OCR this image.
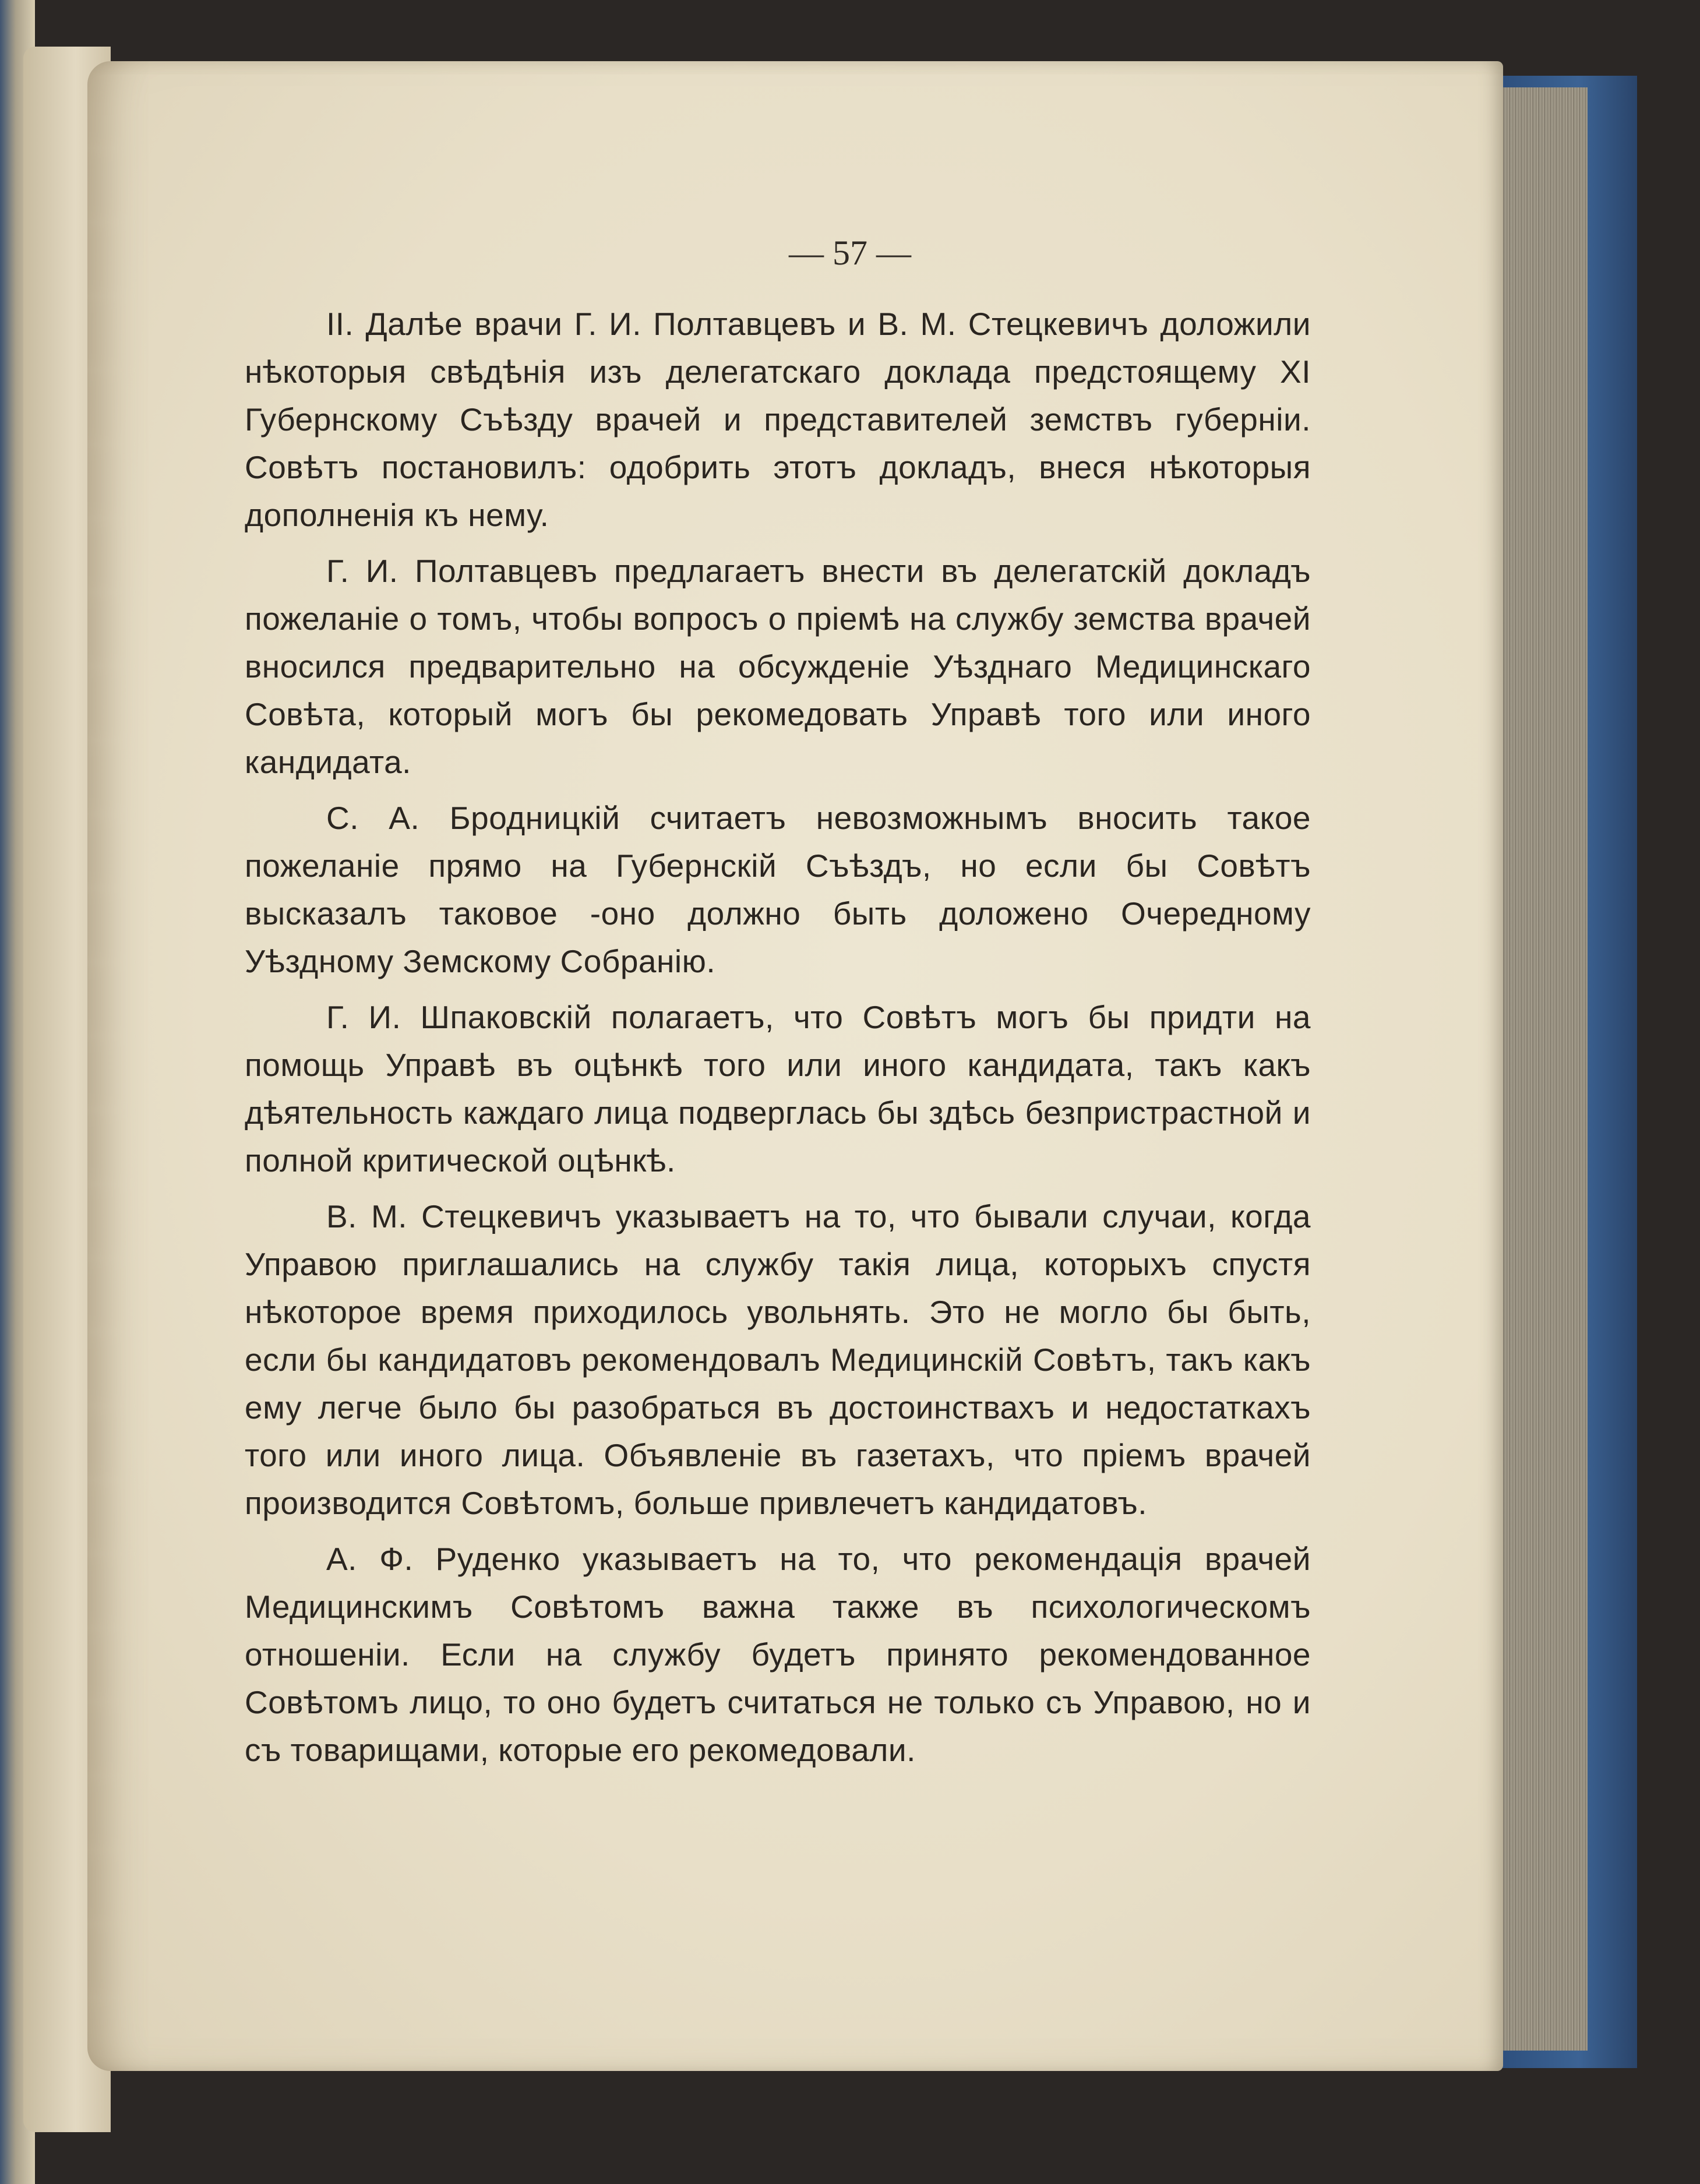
— 57 —

II. Далѣе врачи Г. И. Полтавцевъ и В. М. Стецкевичъ доложили нѣкоторыя свѣдѣнія изъ делегатскаго доклада предстоящему XI Губернскому Съѣзду врачей и представителей земствъ губерніи. Совѣтъ постановилъ: одобрить этотъ докладъ, внеся нѣкоторыя дополненія къ нему.

Г. И. Полтавцевъ предлагаетъ внести въ делегатскій докладъ пожеланіе о томъ, чтобы вопросъ о пріемѣ на службу земства врачей вносился предварительно на обсужденіе Уѣзднаго Медицинскаго Совѣта, который могъ бы рекомедовать Управѣ того или иного кандидата.

С. А. Бродницкій считаетъ невозможнымъ вносить такое пожеланіе прямо на Губернскій Съѣздъ, но если бы Совѣтъ высказалъ таковое -оно должно быть доложено Очередному Уѣздному Земскому Собранію.

Г. И. Шпаковскій полагаетъ, что Совѣтъ могъ бы придти на помощь Управѣ въ оцѣнкѣ того или иного кандидата, такъ какъ дѣятельность каждаго лица подверглась бы здѣсь безпристрастной и полной критической оцѣнкѣ.

В. М. Стецкевичъ указываетъ на то, что бывали случаи, когда Управою приглашались на службу такія лица, которыхъ спустя нѣкоторое время приходилось увольнять. Это не могло бы быть, если бы кандидатовъ рекомендовалъ Медицинскій Совѣтъ, такъ какъ ему легче было бы разобраться въ достоинствахъ и недостаткахъ того или иного лица. Объявленіе въ газетахъ, что пріемъ врачей производится Совѣтомъ, больше привлечетъ кандидатовъ.

А. Ф. Руденко указываетъ на то, что рекомендація врачей Медицинскимъ Совѣтомъ важна также въ психологическомъ отношеніи. Если на службу будетъ принято рекомендованное Совѣтомъ лицо, то оно будетъ считаться не только съ Управою, но и съ товарищами, которые его рекомедовали.
